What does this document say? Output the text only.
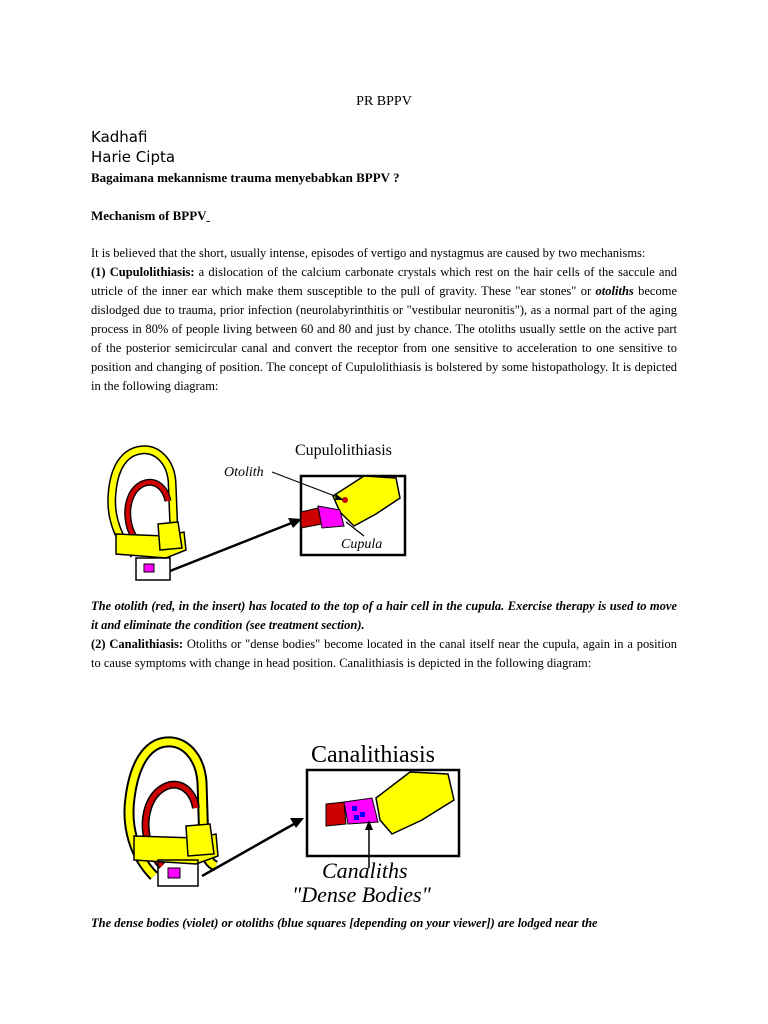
PR BPPV
Kadhafi
Harie Cipta
Bagaimana mekannisme trauma menyebabkan BPPV ?
Mechanism of BPPV

It is believed that the short, usually intense, episodes of vertigo and nystagmus are caused by two mechanisms:

(1) Cupulolithiasis: a dislocation of the calcium carbonate crystals which rest on the hair cells of the saccule and utricle of the inner ear which make them susceptible to the pull of gravity. These "ear stones" or otoliths become dislodged due to trauma, prior infection (neurolabyrinthitis or "vestibular neuronitis"), as a normal part of the aging process in 80% of people living between 60 and 80 and just by chance. The otoliths usually settle on the active part of the posterior semicircular canal and convert the receptor from one sensitive to acceleration to one sensitive to position and changing of position. The concept of Cupulolithiasis is bolstered by some histopathology. It is depicted in the following diagram:

Cupulolithiasis
Otolith
Cupula

The otolith (red, in the insert) has located to the top of a hair cell in the cupula. Exercise therapy is used to move it and eliminate the condition (see treatment section).

(2) Canalithiasis: Otoliths or "dense bodies" become located in the canal itself near the cupula, again in a position to cause symptoms with change in head position. Canalithiasis is depicted in the following diagram:

Canalithiasis
Canaliths
"Dense Bodies"

The dense bodies (violet) or otoliths (blue squares [depending on your viewer]) are lodged near the
